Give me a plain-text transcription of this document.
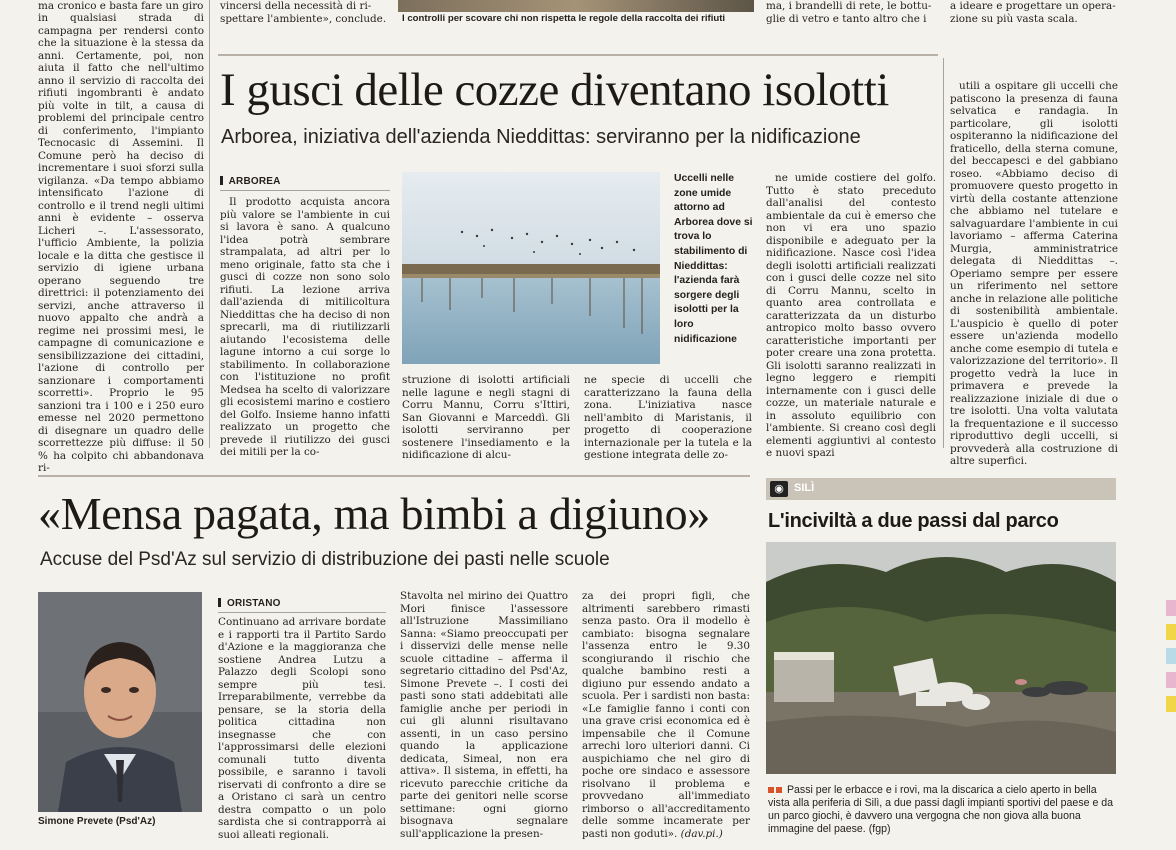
ma cronico e basta fare un giro	vincersi della necessità di ri-
spettare l'ambiente», conclude. I controlli per scovare chi non rispetta le regole della raccolta dei rifiuti
ma, i brandelli di rete, le bottu-
glie di vetro e tanto altro che i
a ideare e progettare un opera-
zione su più vasta scala.
in qualsiasi strada di campagna per rendersi conto che la situazione è la stessa da anni. Certamente, poi, non aiuta il fatto che nell'ultimo anno il servizio di raccolta dei rifiuti ingombranti è andato più volte in tilt, a causa di problemi del principale centro di conferimento, l'impianto Tecnocasic di Assemini. Il Comune però ha deciso di incrementare i suoi sforzi sulla vigilanza. «Da tempo abbiamo intensificato l'azione di controllo e il trend negli ultimi anni è evidente – osserva Licheri –. L'assessorato, l'ufficio Ambiente, la polizia locale e la ditta che gestisce il servizio di igiene urbana operano seguendo tre direttrici: il potenziamento dei servizi, anche attraverso il nuovo appalto che andrà a regime nei prossimi mesi, le campagne di comunicazione e sensibilizzazione dei cittadini, l'azione di controllo per sanzionare i comportamenti scorretti». Proprio le 95 sanzioni tra i 100 e i 250 euro emesse nel 2020 permettono di disegnare un quadro delle scorrettezze più diffuse: il 50 % ha colpito chi abbandonava ri-
I gusci delle cozze diventano isolotti
Arborea, iniziativa dell'azienda Nieddittas: serviranno per la nidificazione
ARBOREA

Il prodotto acquista ancora più valore se l'ambiente in cui si lavora è sano. A qualcuno l'idea potrà sembrare strampalata, ad altri per lo meno originale, fatto sta che i gusci di cozze non sono solo rifiuti. La lezione arriva dall'azienda di mitilicoltura Nieddittas che ha deciso di non sprecarli, ma di riutilizzarli aiutando l'ecosistema delle lagune intorno a cui sorge lo stabilimento. In collaborazione con l'istituzione no profit Medsea ha scelto di valorizzare gli ecosistemi marino e costiero del Golfo. Insieme hanno infatti realizzato un progetto che prevede il riutilizzo dei gusci dei mitili per la co-

Uccelli nelle zone umide attorno ad Arborea dove si trova lo stabilimento di Nieddittas: l'azienda farà sorgere degli isolotti per la loro nidificazione
struzione di isolotti artificiali nelle lagune e negli stagni di Corru Mannu, Corru s'Ittiri, San Giovanni e Marceddì. Gli isolotti serviranno per sostenere l'insediamento e la nidificazione di alcu-
ne specie di uccelli che caratterizzano la fauna della zona. L'iniziativa nasce nell'ambito di Maristanis, il progetto di cooperazione internazionale per la tutela e la gestione integrata delle zo-

ne umide costiere del golfo. Tutto è stato preceduto dall'analisi del contesto ambientale da cui è emerso che non vi era uno spazio disponibile e adeguato per la nidificazione. Nasce così l'idea degli isolotti artificiali realizzati con i gusci delle cozze nel sito di Corru Mannu, scelto in quanto area controllata e caratterizzata da un disturbo antropico molto basso ovvero caratteristiche importanti per poter creare una zona protetta. Gli isolotti saranno realizzati in legno leggero e riempiti internamente con i gusci delle cozze, un materiale naturale e in assoluto equilibrio con l'ambiente. Si creano così degli elementi aggiuntivi al contesto e nuovi spazi

utili a ospitare gli uccelli che patiscono la presenza di fauna selvatica e randagia. In particolare, gli isolotti ospiteranno la nidificazione del fraticello, della sterna comune, del beccapesci e del gabbiano roseo. «Abbiamo deciso di promuovere questo progetto in virtù della costante attenzione che abbiamo nel tutelare e salvaguardare l'ambiente in cui lavoriamo – afferma Caterina Murgia, amministratrice delegata di Nieddittas –. Operiamo sempre per essere un riferimento nel settore anche in relazione alle politiche di sostenibilità ambientale. L'auspicio è quello di poter essere un'azienda modello anche come esempio di tutela e valorizzazione del territorio». Il progetto vedrà la luce in primavera e prevede la realizzazione iniziale di due o tre isolotti. Una volta valutata la frequentazione e il successo riproduttivo degli uccelli, si provvederà alla costruzione di altre superfici.

«Mensa pagata, ma bimbi a digiuno»
Accuse del Psd'Az sul servizio di distribuzione dei pasti nelle scuole
Simone Prevete (Psd'Az)
ORISTANO
Continuano ad arrivare bordate e i rapporti tra il Partito Sardo d'Azione e la maggioranza che sostiene Andrea Lutzu a Palazzo degli Scolopi sono sempre più tesi. Irreparabilmente, verrebbe da pensare, se la storia della politica cittadina non insegnasse che con l'approssimarsi delle elezioni comunali tutto diventa possibile, e saranno i tavoli riservati di confronto a dire se a Oristano ci sarà un centro destra compatto o un polo sardista che si contrapporrà ai suoi alleati regionali.
Stavolta nel mirino dei Quattro Mori finisce l'assessore all'Istruzione Massimiliano Sanna: «Siamo preoccupati per i disservizi delle mense nelle scuole cittadine – afferma il segretario cittadino del Psd'Az, Simone Prevete –. I costi dei pasti sono stati addebitati alle famiglie anche per periodi in cui gli alunni risultavano assenti, in un caso persino quando la applicazione dedicata, Simeal, non era attiva». Il sistema, in effetti, ha ricevuto parecchie critiche da parte dei genitori nelle scorse settimane: ogni giorno bisognava segnalare sull'applicazione la presen-
za dei propri figli, che altrimenti sarebbero rimasti senza pasto. Ora il modello è cambiato: bisogna segnalare l'assenza entro le 9.30 scongiurando il rischio che qualche bambino resti a digiuno pur essendo andato a scuola. Per i sardisti non basta: «Le famiglie fanno i conti con una grave crisi economica ed è impensabile che il Comune arrechi loro ulteriori danni. Ci auspichiamo che nel giro di poche ore sindaco e assessore risolvano il problema e provvedano all'immediato rimborso o all'accreditamento delle somme incamerate per pasti non goduti». (dav.pi.)
◉ SILÌ
L'inciviltà a due passi dal parco
Passi per le erbacce e i rovi, ma la discarica a cielo aperto in bella vista alla periferia di Silì, a due passi dagli impianti sportivi del paese e da un parco giochi, è davvero una vergogna che non giova alla buona immagine del paese. (fgp)
